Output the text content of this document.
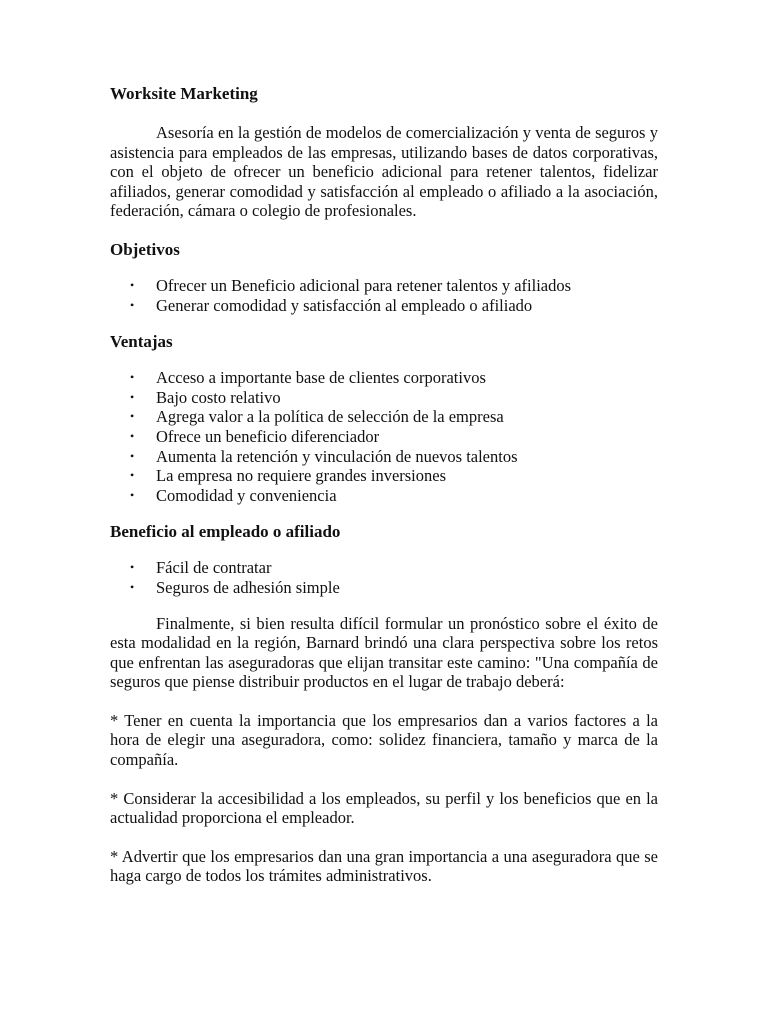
Worksite Marketing

Asesoría en la gestión de modelos de comercialización y venta de seguros y asistencia para empleados de las empresas, utilizando bases de datos corporativas, con el objeto de ofrecer un beneficio adicional para retener talentos, fidelizar afiliados, generar comodidad y satisfacción al empleado o afiliado a la asociación, federación, cámara o colegio de profesionales.

Objetivos
• Ofrecer un Beneficio adicional para retener talentos y afiliados
• Generar comodidad y satisfacción al empleado o afiliado
Ventajas
• Acceso a importante base de clientes corporativos
• Bajo costo relativo
• Agrega valor a la política de selección de la empresa
• Ofrece un beneficio diferenciador
• Aumenta la retención y vinculación de nuevos talentos
• La empresa no requiere grandes inversiones
• Comodidad y conveniencia
Beneficio al empleado o afiliado
• Fácil de contratar
• Seguros de adhesión simple

Finalmente, si bien resulta difícil formular un pronóstico sobre el éxito de esta modalidad en la región, Barnard brindó una clara perspectiva sobre los retos que enfrentan las aseguradoras que elijan transitar este camino: "Una compañía de seguros que piense distribuir productos en el lugar de trabajo deberá:

* Tener en cuenta la importancia que los empresarios dan a varios factores a la hora de elegir una aseguradora, como: solidez financiera, tamaño y marca de la compañía.

* Considerar la accesibilidad a los empleados, su perfil y los beneficios que en la actualidad proporciona el empleador.

* Advertir que los empresarios dan una gran importancia a una aseguradora que se haga cargo de todos los trámites administrativos.
